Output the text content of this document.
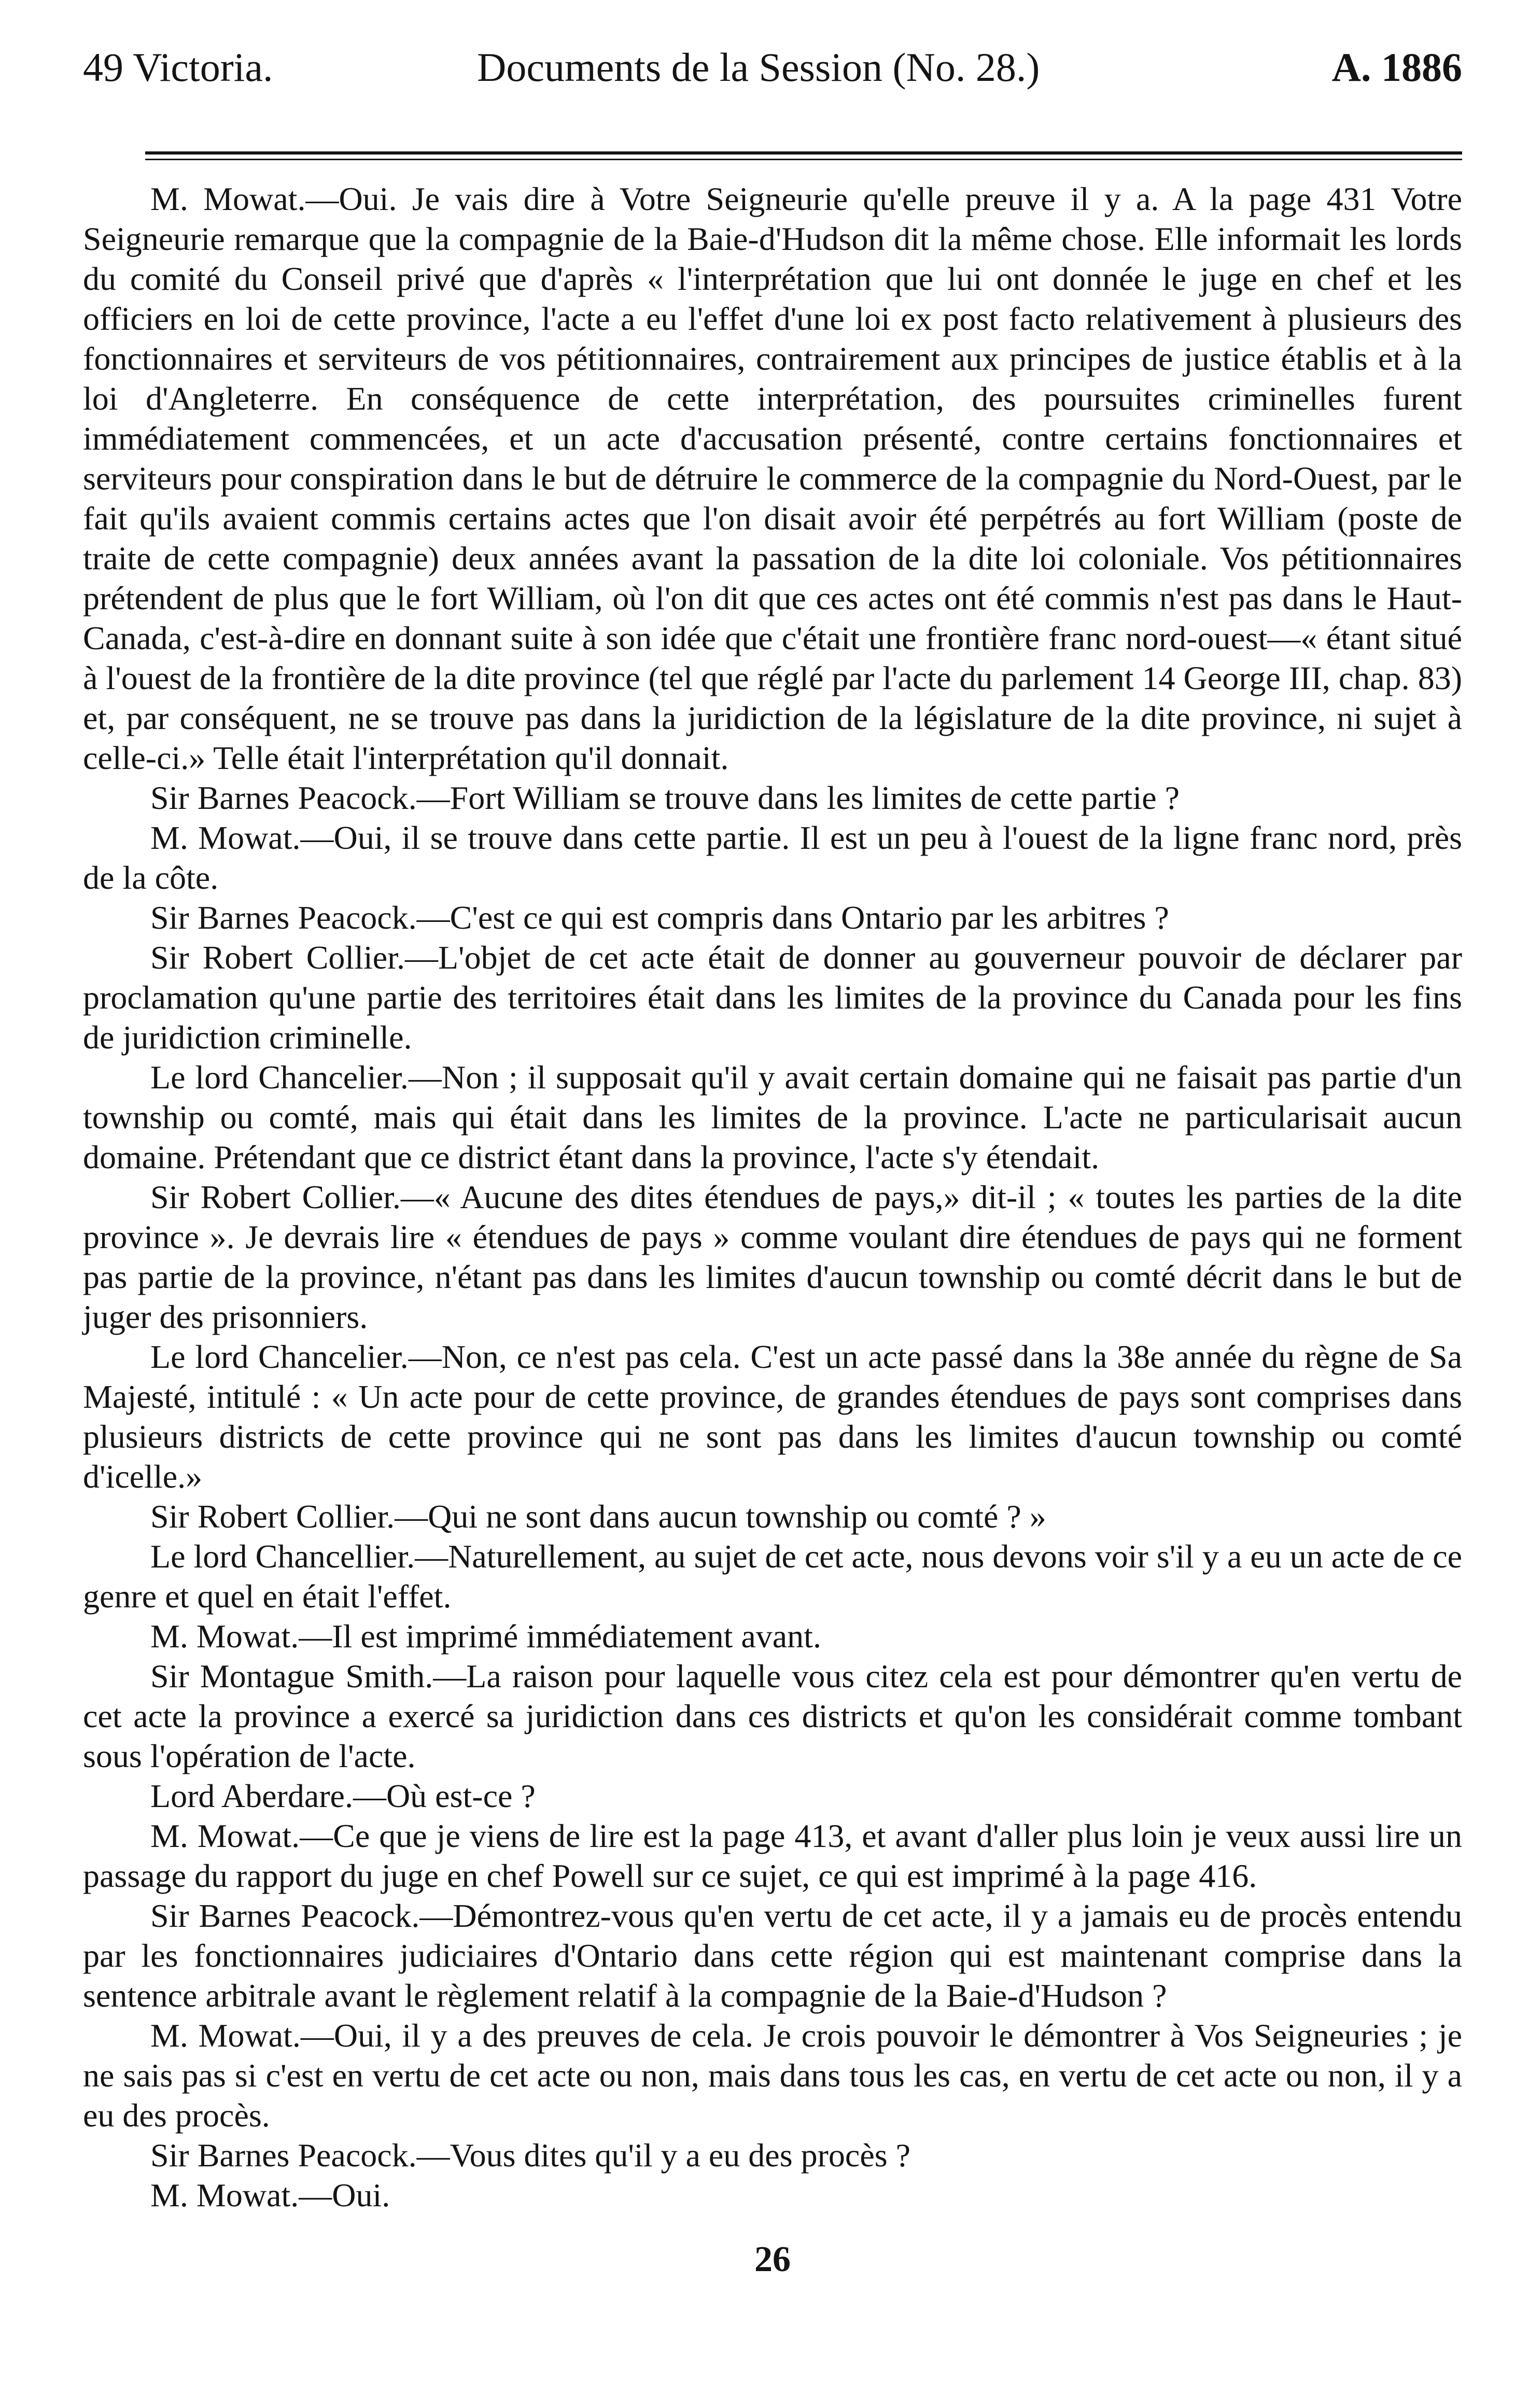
49 Victoria.	Documents de la Session (No. 28.)	A. 1886

M. Mowat.—Oui. Je vais dire à Votre Seigneurie qu'elle preuve il y a. A la page 431 Votre Seigneurie remarque que la compagnie de la Baie-d'Hudson dit la même chose. Elle informait les lords du comité du Conseil privé que d'après « l'interprétation que lui ont donnée le juge en chef et les officiers en loi de cette province, l'acte a eu l'effet d'une loi ex post facto relativement à plusieurs des fonctionnaires et serviteurs de vos pétitionnaires, contrairement aux principes de justice établis et à la loi d'Angleterre. En conséquence de cette interprétation, des poursuites criminelles furent immédiatement commencées, et un acte d'accusation présenté, contre certains fonctionnaires et serviteurs pour conspiration dans le but de détruire le commerce de la compagnie du Nord-Ouest, par le fait qu'ils avaient commis certains actes que l'on disait avoir été perpétrés au fort William (poste de traite de cette compagnie) deux années avant la passation de la dite loi coloniale. Vos pétitionnaires prétendent de plus que le fort William, où l'on dit que ces actes ont été commis n'est pas dans le Haut-Canada, c'est-à-dire en donnant suite à son idée que c'était une frontière franc nord-ouest—« étant situé à l'ouest de la frontière de la dite province (tel que réglé par l'acte du parlement 14 George III, chap. 83) et, par conséquent, ne se trouve pas dans la juridiction de la législature de la dite province, ni sujet à celle-ci.» Telle était l'interprétation qu'il donnait.

Sir Barnes Peacock.—Fort William se trouve dans les limites de cette partie ?

M. Mowat.—Oui, il se trouve dans cette partie. Il est un peu à l'ouest de la ligne franc nord, près de la côte.

Sir Barnes Peacock.—C'est ce qui est compris dans Ontario par les arbitres ?

Sir Robert Collier.—L'objet de cet acte était de donner au gouverneur pouvoir de déclarer par proclamation qu'une partie des territoires était dans les limites de la province du Canada pour les fins de juridiction criminelle.

Le lord Chancelier.—Non ; il supposait qu'il y avait certain domaine qui ne faisait pas partie d'un township ou comté, mais qui était dans les limites de la province. L'acte ne particularisait aucun domaine. Prétendant que ce district étant dans la province, l'acte s'y étendait.

Sir Robert Collier.—« Aucune des dites étendues de pays,» dit-il ; « toutes les parties de la dite province ». Je devrais lire « étendues de pays » comme voulant dire étendues de pays qui ne forment pas partie de la province, n'étant pas dans les limites d'aucun township ou comté décrit dans le but de juger des prisonniers.

Le lord Chancelier.—Non, ce n'est pas cela. C'est un acte passé dans la 38e année du règne de Sa Majesté, intitulé : « Un acte pour de cette province, de grandes étendues de pays sont comprises dans plusieurs districts de cette province qui ne sont pas dans les limites d'aucun township ou comté d'icelle.»

Sir Robert Collier.—Qui ne sont dans aucun township ou comté ? »

Le lord Chancellier.—Naturellement, au sujet de cet acte, nous devons voir s'il y a eu un acte de ce genre et quel en était l'effet.

M. Mowat.—Il est imprimé immédiatement avant.

Sir Montague Smith.—La raison pour laquelle vous citez cela est pour démontrer qu'en vertu de cet acte la province a exercé sa juridiction dans ces districts et qu'on les considérait comme tombant sous l'opération de l'acte.

Lord Aberdare.—Où est-ce ?

M. Mowat.—Ce que je viens de lire est la page 413, et avant d'aller plus loin je veux aussi lire un passage du rapport du juge en chef Powell sur ce sujet, ce qui est imprimé à la page 416.

Sir Barnes Peacock.—Démontrez-vous qu'en vertu de cet acte, il y a jamais eu de procès entendu par les fonctionnaires judiciaires d'Ontario dans cette région qui est maintenant comprise dans la sentence arbitrale avant le règlement relatif à la compagnie de la Baie-d'Hudson ?

M. Mowat.—Oui, il y a des preuves de cela. Je crois pouvoir le démontrer à Vos Seigneuries ; je ne sais pas si c'est en vertu de cet acte ou non, mais dans tous les cas, en vertu de cet acte ou non, il y a eu des procès.

Sir Barnes Peacock.—Vous dites qu'il y a eu des procès ?

M. Mowat.—Oui.

26
